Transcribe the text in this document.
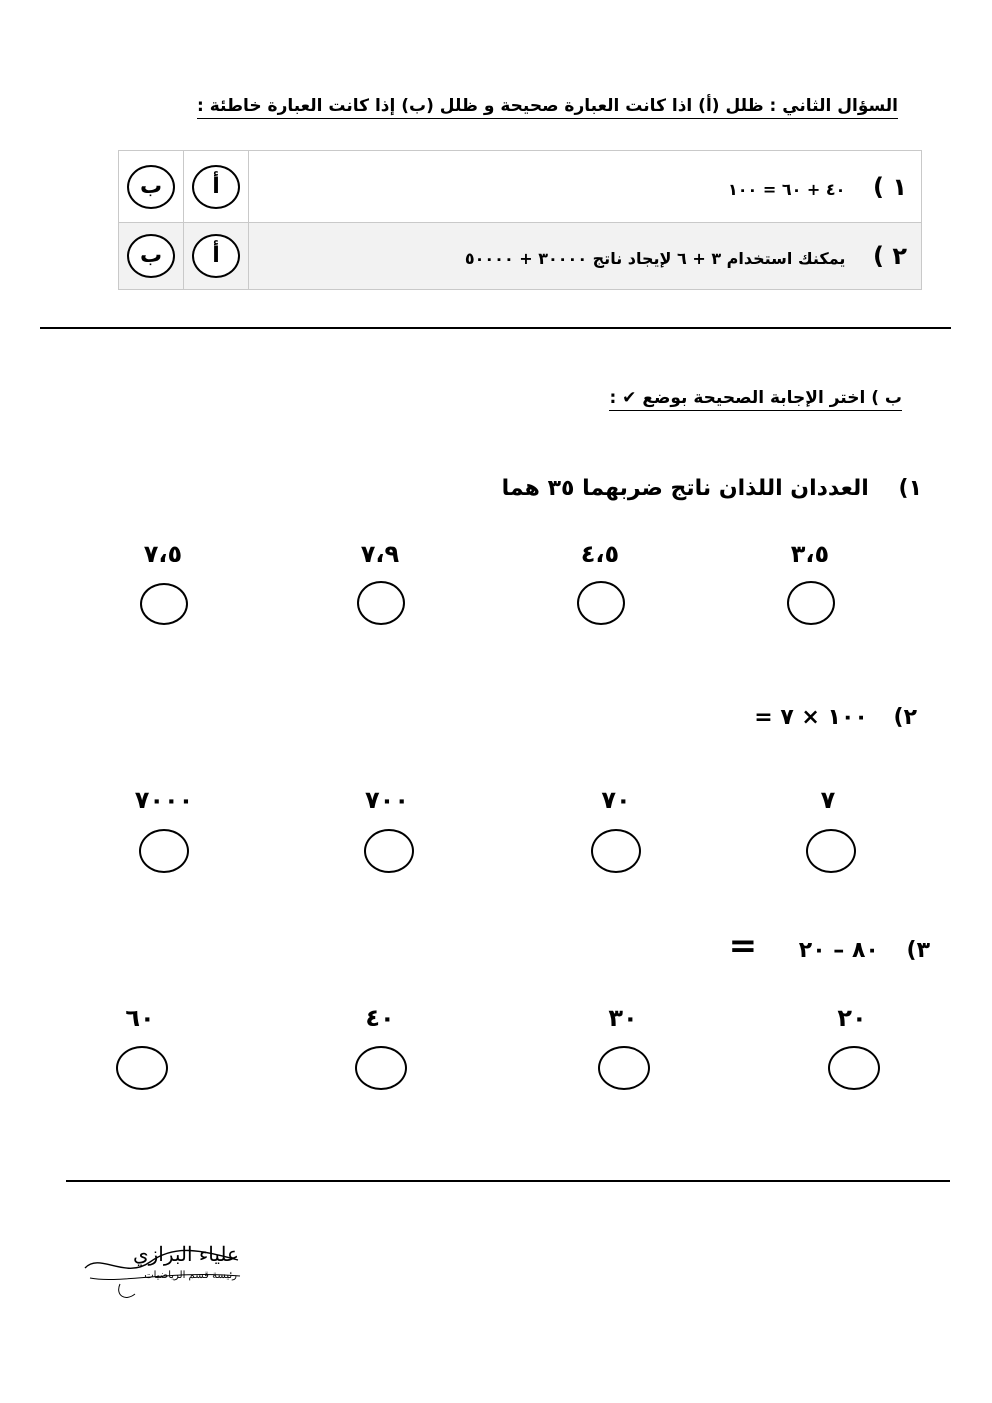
السؤال الثاني : ظلل (أ) اذا كانت العبارة صحيحة و ظلل (ب) إذا كانت العبارة خاطئة :
١ ) ٤٠ + ٦٠ = ١٠٠	أ	ب
٢ ) يمكنك استخدام ٣ + ٦ لإيجاد ناتج ٣٠٠٠٠ + ٥٠٠٠٠	أ	ب
ب ) اختر الإجابة الصحيحة بوضع ✔ :
١) العددان اللذان ناتج ضربهما ٣٥ هما
٣،٥
٤،٥
٧،٩
٧،٥
٢) ١٠٠ × ٧ =
٧
٧٠
٧٠٠
٧٠٠٠
٣) ٨٠ – ٢٠ =
٢٠
٣٠
٤٠
٦٠
علياء البرازي
رئيسة قسم الرياضيات
